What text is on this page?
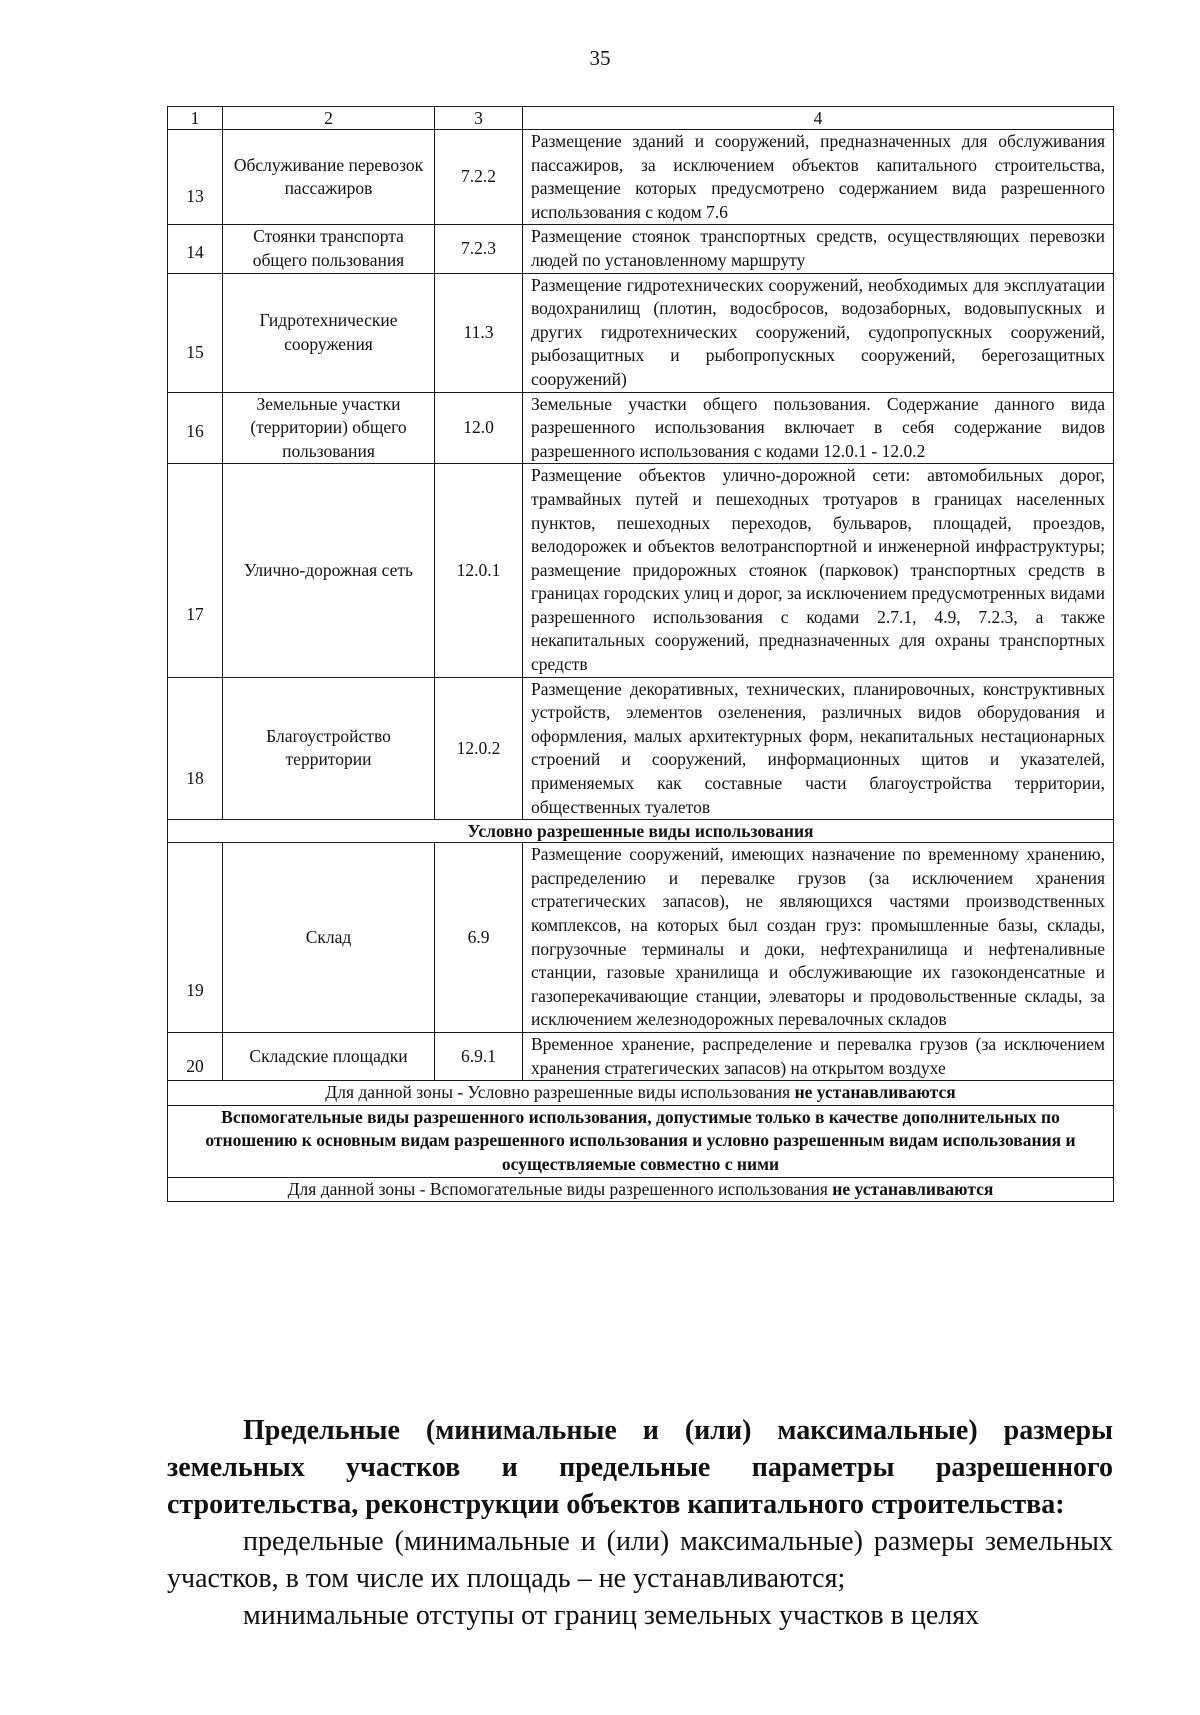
35
1	2	3	4
13	Обслуживание перевозок пассажиров	7.2.2	Размещение зданий и сооружений, предназначенных для обслуживания пассажиров, за исключением объектов капитального строительства, размещение которых предусмотрено содержанием вида разрешенного использования с кодом 7.6
14	Стоянки транспорта общего пользования	7.2.3	Размещение стоянок транспортных средств, осуществляющих перевозки людей по установленному маршруту
15	Гидротехнические сооружения	11.3	Размещение гидротехнических сооружений, необходимых для эксплуатации водохранилищ (плотин, водосбросов, водозаборных, водовыпускных и других гидротехнических сооружений, судопропускных сооружений, рыбозащитных и рыбопропускных сооружений, берегозащитных сооружений)
16	Земельные участки (территории) общего пользования	12.0	Земельные участки общего пользования. Содержание данного вида разрешенного использования включает в себя содержание видов разрешенного использования с кодами 12.0.1 - 12.0.2
17	Улично-дорожная сеть	12.0.1	Размещение объектов улично-дорожной сети: автомобильных дорог, трамвайных путей и пешеходных тротуаров в границах населенных пунктов, пешеходных переходов, бульваров, площадей, проездов, велодорожек и объектов велотранспортной и инженерной инфраструктуры; размещение придорожных стоянок (парковок) транспортных средств в границах городских улиц и дорог, за исключением предусмотренных видами разрешенного использования с кодами 2.7.1, 4.9, 7.2.3, а также некапитальных сооружений, предназначенных для охраны транспортных средств
18	Благоустройство территории	12.0.2	Размещение декоративных, технических, планировочных, конструктивных устройств, элементов озеленения, различных видов оборудования и оформления, малых архитектурных форм, некапитальных нестационарных строений и сооружений, информационных щитов и указателей, применяемых как составные части благоустройства территории, общественных туалетов
Условно разрешенные виды использования			
19	Склад	6.9	Размещение сооружений, имеющих назначение по временному хранению, распределению и перевалке грузов (за исключением хранения стратегических запасов), не являющихся частями производственных комплексов, на которых был создан груз: промышленные базы, склады, погрузочные терминалы и доки, нефтехранилища и нефтеналивные станции, газовые хранилища и обслуживающие их газоконденсатные и газоперекачивающие станции, элеваторы и продовольственные склады, за исключением железнодорожных перевалочных складов
20	Складские площадки	6.9.1	Временное хранение, распределение и перевалка грузов (за исключением хранения стратегических запасов) на открытом воздухе
Для данной зоны - Условно разрешенные виды использования не устанавливаются			
Вспомогательные виды разрешенного использования, допустимые только в качестве дополнительных по отношению к основным видам разрешенного использования и условно разрешенным видам использования и осуществляемые совместно с ними			
Для данной зоны - Вспомогательные виды разрешенного использования не устанавливаются			
Предельные (минимальные и (или) максимальные) размеры земельных участков и предельные параметры разрешенного строительства, реконструкции объектов капитального строительства:
предельные (минимальные и (или) максимальные) размеры земельных участков, в том числе их площадь – не устанавливаются;
минимальные отступы от границ земельных участков в целях
